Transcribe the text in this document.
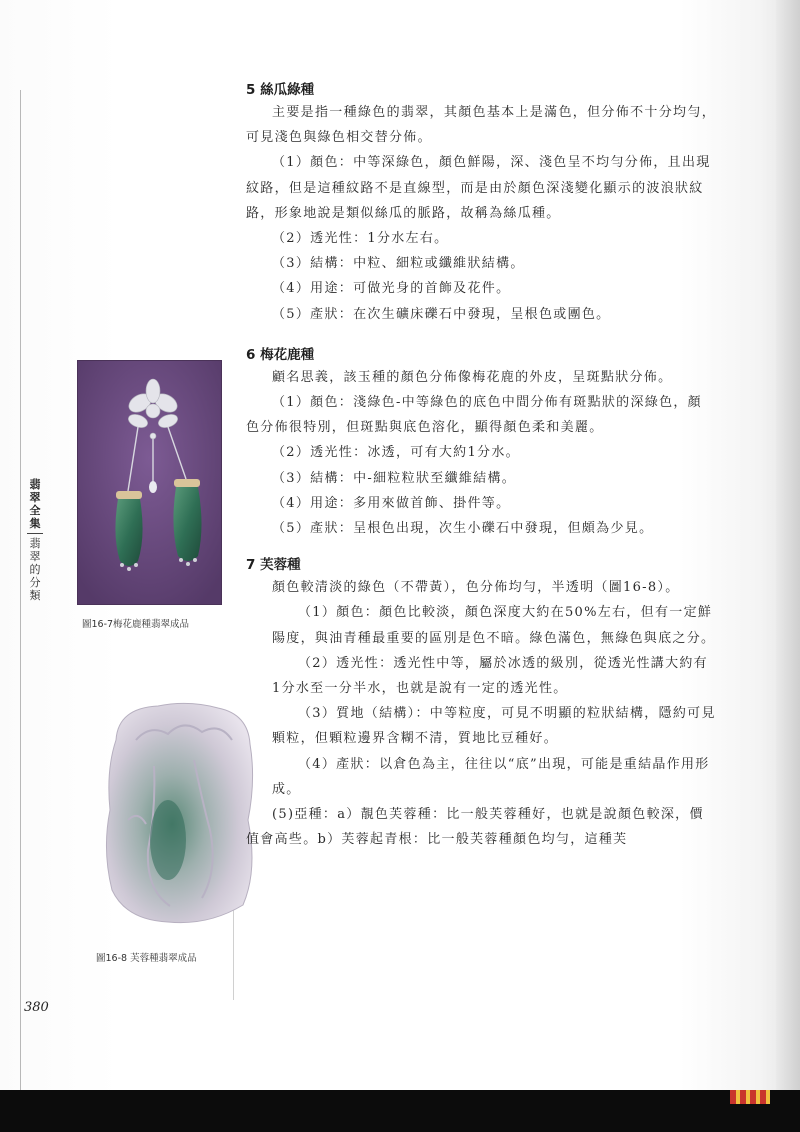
翡翠全集
翡翠的分類
圖16-7梅花鹿種翡翠成品
圖16-8 芙蓉種翡翠成品
5 絲瓜綠種

主要是指一種綠色的翡翠，其顏色基本上是滿色，但分佈不十分均勻，可見淺色與綠色相交替分佈。

（1）顏色：中等深綠色，顏色鮮陽，深、淺色呈不均勻分佈，且出現紋路，但是這種紋路不是直線型，而是由於顏色深淺變化顯示的波浪狀紋路，形象地說是類似絲瓜的脈路，故稱為絲瓜種。

（2）透光性：1分水左右。

（3）結構：中粒、細粒或纖維狀結構。

（4）用途：可做光身的首飾及花件。

（5）產狀：在次生礦床礫石中發現，呈根色或團色。

6 梅花鹿種

顧名思義，該玉種的顏色分佈像梅花鹿的外皮，呈斑點狀分佈。

（1）顏色：淺綠色-中等綠色的底色中間分佈有斑點狀的深綠色，顏色分佈很特別，但斑點與底色溶化，顯得顏色柔和美麗。

（2）透光性：冰透，可有大約1分水。

（3）結構：中-細粒粒狀至纖維結構。

（4）用途：多用來做首飾、掛件等。

（5）產狀：呈根色出現，次生小礫石中發現，但頗為少見。

7 芙蓉種

顏色較清淡的綠色（不帶黃），色分佈均勻，半透明（圖16-8）。

（1）顏色：顏色比較淡，顏色深度大約在50%左右，但有一定鮮陽度，與油青種最重要的區別是色不暗。綠色滿色，無綠色與底之分。

（2）透光性：透光性中等，屬於冰透的級別，從透光性講大約有1分水至一分半水，也就是說有一定的透光性。

（3）質地（結構）：中等粒度，可見不明顯的粒狀結構，隱約可見顆粒，但顆粒邊界含糊不清，質地比豆種好。

（4）產狀：以倉色為主，往往以“底”出現，可能是重結晶作用形成。

(5)亞種：a）靚色芙蓉種：比一般芙蓉種好，也就是說顏色較深，價值會高些。b）芙蓉起青根：比一般芙蓉種顏色均勻，這種芙

380
